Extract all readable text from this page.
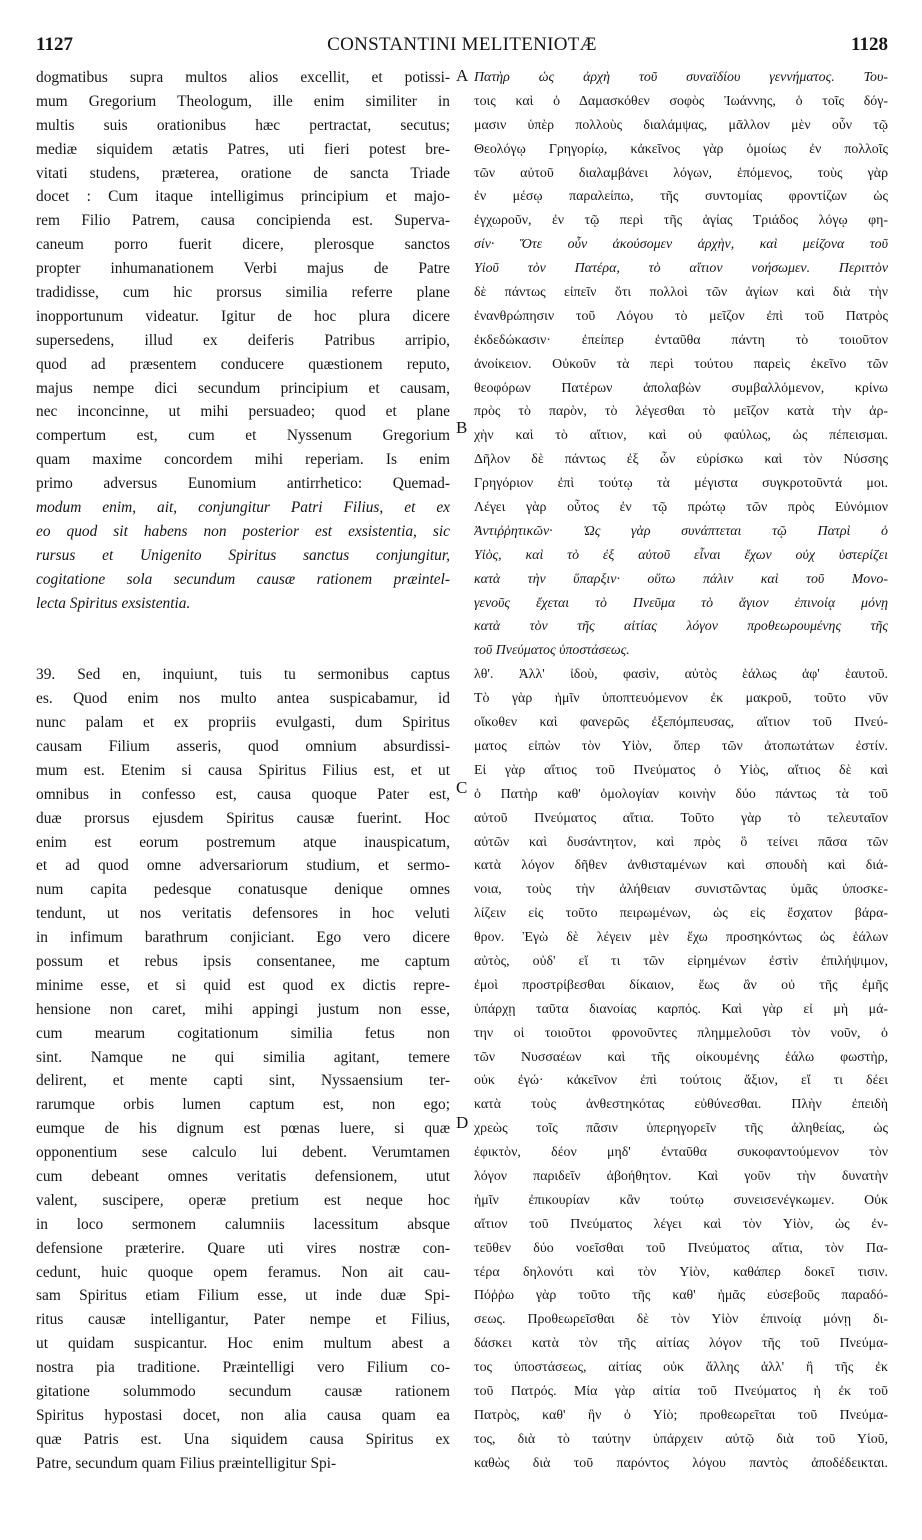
1127	CONSTANTINI MELITENIOTÆ	1128
A
B
C
D
dogmatibus supra multos alios excellit, et potissi-
mum Gregorium Theologum, ille enim similiter in
multis suis orationibus hæc pertractat, secutus;
mediæ siquidem ætatis Patres, uti fieri potest bre-
vitati studens, præterea, oratione de sancta Triade
docet : Cum itaque intelligimus principium et majo-
rem Filio Patrem, causa concipienda est. Superva-
caneum porro fuerit dicere, plerosque sanctos
propter inhumanationem Verbi majus de Patre
tradidisse, cum hic prorsus similia referre plane
inopportunum videatur. Igitur de hoc plura dicere
supersedens, illud ex deiferis Patribus arripio,
quod ad præsentem conducere quæstionem reputo,
majus nempe dici secundum principium et causam,
nec inconcinne, ut mihi persuadeo; quod et plane
compertum est, cum et Nyssenum Gregorium
quam maxime concordem mihi reperiam. Is enim
primo adversus Eunomium antirrhetico: Quemad-
modum enim, ait, conjungitur Patri Filius, et ex
eo quod sit habens non posterior est exsistentia, sic
rursus et Unigenito Spiritus sanctus conjungitur,
cogitatione sola secundum causæ rationem præintel-
lecta Spiritus exsistentia.
39. Sed en, inquiunt, tuis tu sermonibus captus
es. Quod enim nos multo antea suspicabamur, id
nunc palam et ex propriis evulgasti, dum Spiritus
causam Filium asseris, quod omnium absurdissi-
mum est. Etenim si causa Spiritus Filius est, et ut
omnibus in confesso est, causa quoque Pater est,
duæ prorsus ejusdem Spiritus causæ fuerint. Hoc
enim est eorum postremum atque inauspicatum,
et ad quod omne adversariorum studium, et sermo-
num capita pedesque conatusque denique omnes
tendunt, ut nos veritatis defensores in hoc veluti
in infimum barathrum conjiciant. Ego vero dicere
possum et rebus ipsis consentanee, me captum
minime esse, et si quid est quod ex dictis repre-
hensione non caret, mihi appingi justum non esse,
cum mearum cogitationum similia fetus non
sint. Namque ne qui similia agitant, temere
delirent, et mente capti sint, Nyssaensium ter-
rarumque orbis lumen captum est, non ego;
eumque de his dignum est pœnas luere, si quæ
opponentium sese calculo lui debent. Verumtamen
cum debeant omnes veritatis defensionem, utut
valent, suscipere, operæ pretium est neque hoc
in loco sermonem calumniis lacessitum absque
defensione præterire. Quare uti vires nostræ con-
cedunt, huic quoque opem feramus. Non ait cau-
sam Spiritus etiam Filium esse, ut inde duæ Spi-
ritus causæ intelligantur, Pater nempe et Filius,
ut quidam suspicantur. Hoc enim multum abest a
nostra pia traditione. Præintelligi vero Filium co-
gitatione solummodo secundum causæ rationem
Spiritus hypostasi docet, non alia causa quam ea
quæ Patris est. Una siquidem causa Spiritus ex
Patre, secundum quam Filius præintelligitur Spi-
Πατὴρ ὡς ἀρχὴ τοῦ συναϊδίου γεννήματος. Του-
τοις καὶ ὁ Δαμασκόθεν σοφὸς Ἰωάννης, ὁ τοῖς δόγ-
μασιν ὑπὲρ πολλοὺς διαλάμψας, μᾶλλον μὲν οὖν τῷ
Θεολόγῳ Γρηγορίῳ, κἀκεῖνος γὰρ ὁμοίως ἐν πολλοῖς
τῶν αὐτοῦ διαλαμβάνει λόγων, ἑπόμενος, τοὺς γὰρ
ἐν μέσῳ παραλείπω, τῆς συντομίας φροντίζων ὡς
ἐγχωροῦν, ἐν τῷ περὶ τῆς ἁγίας Τριάδος λόγῳ φη-
σίν· Ὅτε οὖν ἀκούσομεν ἀρχὴν, καὶ μείζονα τοῦ
Υἱοῦ τὸν Πατέρα, τὸ αἴτιον νοήσωμεν. Περιττὸν
δὲ πάντως εἰπεῖν ὅτι πολλοὶ τῶν ἁγίων καὶ διὰ τὴν
ἐνανθρώπησιν τοῦ Λόγου τὸ μεῖζον ἐπὶ τοῦ Πατρὸς
ἐκδεδώκασιν· ἐπείπερ ἐνταῦθα πάντη τὸ τοιοῦτον
ἀνοίκειον. Οὐκοῦν τὰ περὶ τούτου παρεὶς ἐκεῖνο τῶν
θεοφόρων Πατέρων ἀπολαβὼν συμβαλλόμενον, κρίνω
πρὸς τὸ παρὸν, τὸ λέγεσθαι τὸ μεῖζον κατὰ τὴν ἀρ-
χὴν καὶ τὸ αἴτιον, καὶ οὐ φαύλως, ὡς πέπεισμαι.
Δῆλον δὲ πάντως ἐξ ὧν εὑρίσκω καὶ τὸν Νύσσης
Γρηγόριον ἐπὶ τούτῳ τὰ μέγιστα συγκροτοῦντά μοι.
Λέγει γὰρ οὗτος ἐν τῷ πρώτῳ τῶν πρὸς Εὐνόμιον
Ἀντιῤῥητικῶν· Ὡς γὰρ συνάπτεται τῷ Πατρὶ ὁ
Υἱὸς, καὶ τὸ ἐξ αὐτοῦ εἶναι ἔχων οὐχ ὑστερίζει
κατὰ τὴν ὕπαρξιν· οὕτω πάλιν καὶ τοῦ Μονο-
γενοῦς ἔχεται τὸ Πνεῦμα τὸ ἅγιον ἐπινοίᾳ μόνῃ
κατὰ τὸν τῆς αἰτίας λόγον προθεωρουμένης τῆς
τοῦ Πνεύματος ὑποστάσεως.
λθ'. Ἀλλ' ἰδοὺ, φασὶν, αὐτὸς ἑάλως ἀφ' ἑαυτοῦ.
Τὸ γὰρ ἡμῖν ὑποπτευόμενον ἐκ μακροῦ, τοῦτο νῦν
οἴκοθεν καὶ φανερῶς ἐξεπόμπευσας, αἴτιον τοῦ Πνεύ-
ματος εἰπὼν τὸν Υἱὸν, ὅπερ τῶν ἀτοπωτάτων ἐστίν.
Εἰ γὰρ αἴτιος τοῦ Πνεύματος ὁ Υἱὸς, αἴτιος δὲ καὶ
ὁ Πατὴρ καθ' ὁμολογίαν κοινὴν δύο πάντως τὰ τοῦ
αὐτοῦ Πνεύματος αἴτια. Τοῦτο γὰρ τὸ τελευταῖον
αὐτῶν καὶ δυσάντητον, καὶ πρὸς ὃ τείνει πᾶσα τῶν
κατὰ λόγον δῆθεν ἀνθισταμένων καὶ σπουδὴ καὶ διά-
νοια, τοὺς τὴν ἀλήθειαν συνιστῶντας ὑμᾶς ὑποσκε-
λίζειν εἰς τοῦτο πειρωμένων, ὡς εἰς ἔσχατον βάρα-
θρον. Ἐγὼ δὲ λέγειν μὲν ἔχω προσηκόντως ὡς ἑάλων
αὐτὸς, οὐδ' εἴ τι τῶν εἰρημένων ἐστὶν ἐπιλήψιμον,
ἐμοὶ προστρίβεσθαι δίκαιον, ἕως ἂν οὐ τῆς ἐμῆς
ὑπάρχῃ ταῦτα διανοίας καρπός. Καὶ γὰρ εἰ μὴ μά-
την οἱ τοιοῦτοι φρονοῦντες πλημμελοῦσι τὸν νοῦν, ὁ
τῶν Νυσσαέων καὶ τῆς οἰκουμένης ἑάλω φωστὴρ,
οὐκ ἐγώ· κἀκεῖνον ἐπὶ τούτοις ἄξιον, εἴ τι δέει
κατὰ τοὺς ἀνθεστηκότας εὐθύνεσθαι. Πλὴν ἐπειδὴ
χρεὼς τοῖς πᾶσιν ὑπερηγορεῖν τῆς ἀληθείας, ὡς
ἐφικτὸν, δέον μηδ' ἐνταῦθα συκοφαντούμενον τὸν
λόγον παριδεῖν ἀβοήθητον. Καὶ γοῦν τὴν δυνατὴν
ἡμῖν ἐπικουρίαν κἂν τούτῳ συνεισενέγκωμεν. Οὐκ
αἴτιον τοῦ Πνεύματος λέγει καὶ τὸν Υἱὸν, ὡς ἐν-
τεῦθεν δύο νοεῖσθαι τοῦ Πνεύματος αἴτια, τὸν Πα-
τέρα δηλονότι καὶ τὸν Υἱὸν, καθάπερ δοκεῖ τισιν.
Πόῤῥω γὰρ τοῦτο τῆς καθ' ἡμᾶς εὐσεβοῦς παραδό-
σεως. Προθεωρεῖσθαι δὲ τὸν Υἱὸν ἐπινοίᾳ μόνῃ δι-
δάσκει κατὰ τὸν τῆς αἰτίας λόγον τῆς τοῦ Πνεύμα-
τος ὑποστάσεως, αἰτίας οὐκ ἄλλης ἀλλ' ἢ τῆς ἐκ
τοῦ Πατρός. Μία γὰρ αἰτία τοῦ Πνεύματος ἡ ἐκ τοῦ
Πατρὸς, καθ' ἣν ὁ Υἱὸ; προθεωρεῖται τοῦ Πνεύμα-
τος, διὰ τὸ ταύτην ὑπάρχειν αὐτῷ διὰ τοῦ Υἱοῦ,
καθὼς διὰ τοῦ παρόντος λόγου παντὸς ἀποδέδεικται.
